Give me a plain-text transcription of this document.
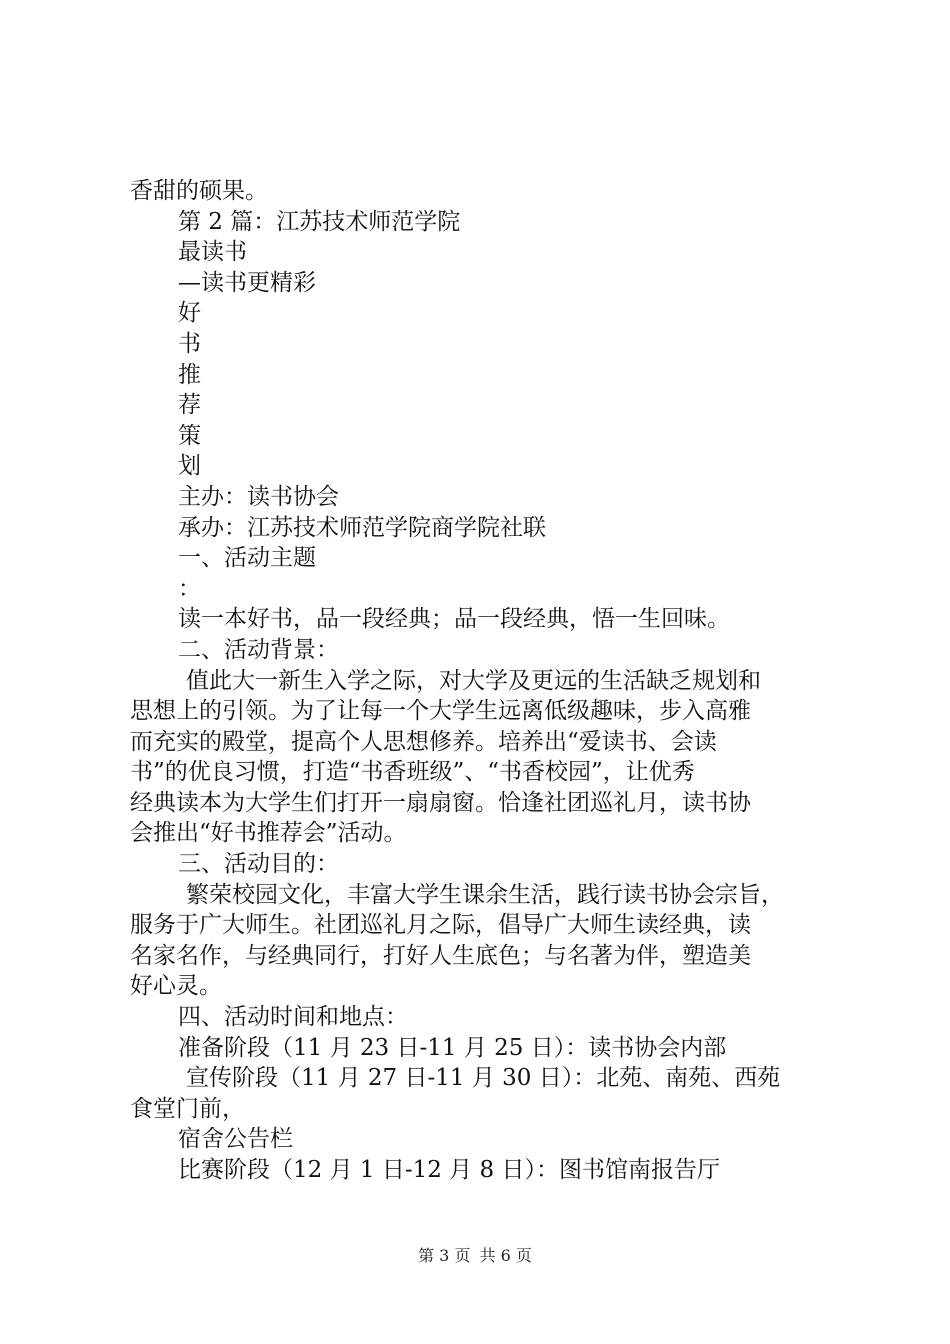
香甜的硕果。
第 2 篇：江苏技术师范学院
最读书
—读书更精彩
好
书
推
荐
策
划
主办：读书协会
承办：江苏技术师范学院商学院社联
一、活动主题
：
读一本好书，品一段经典；品一段经典，悟一生回味。
二、活动背景：
值此大一新生入学之际，对大学及更远的生活缺乏规划和
思想上的引领。为了让每一个大学生远离低级趣味，步入高雅
而充实的殿堂，提高个人思想修养。培养出“爱读书、会读
书”的优良习惯，打造“书香班级”、“书香校园”，让优秀
经典读本为大学生们打开一扇扇窗。恰逢社团巡礼月，读书协
会推出“好书推荐会”活动。
三、活动目的：
繁荣校园文化，丰富大学生课余生活，践行读书协会宗旨，
服务于广大师生。社团巡礼月之际，倡导广大师生读经典，读
名家名作，与经典同行，打好人生底色；与名著为伴，塑造美
好心灵。
四、活动时间和地点：
准备阶段（11 月 23 日-11 月 25 日）：读书协会内部
宣传阶段（11 月 27 日-11 月 30 日）：北苑、南苑、西苑
食堂门前，
宿舍公告栏
比赛阶段（12 月 1 日-12 月 8 日）：图书馆南报告厅
第 3 页 共 6 页
